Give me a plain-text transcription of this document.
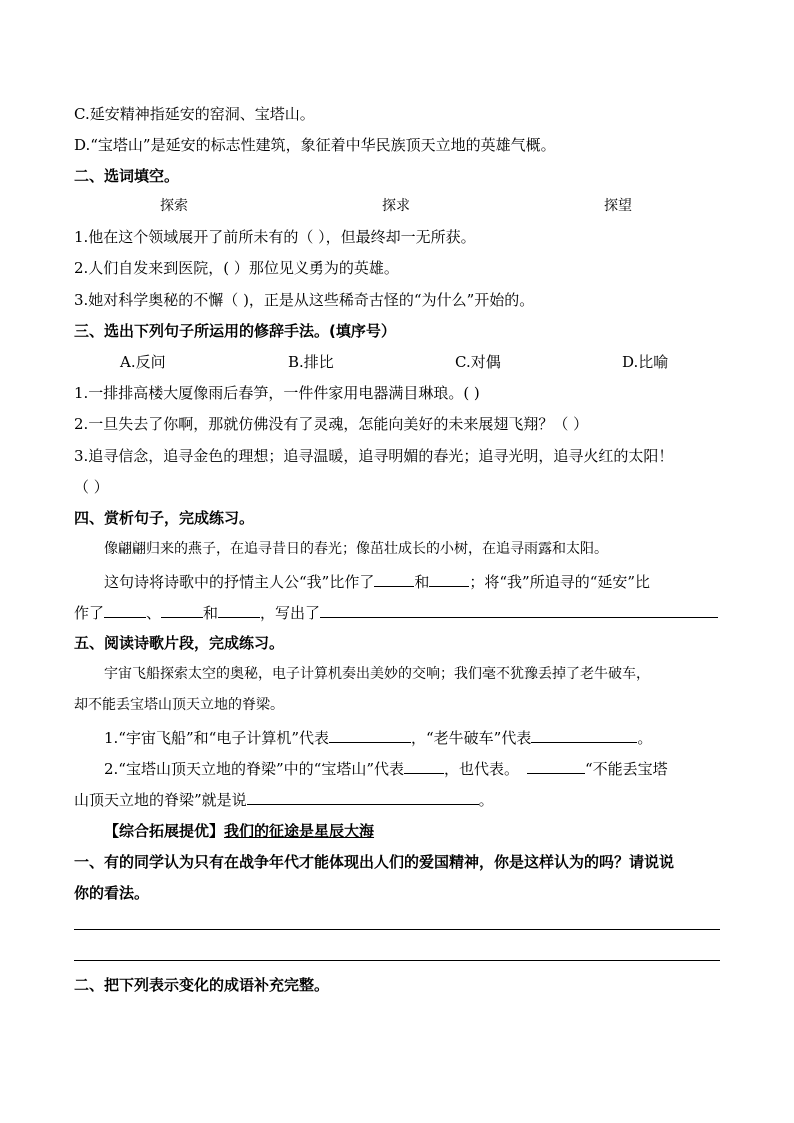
C.延安精神指延安的窑洞、宝塔山。
D.“宝塔山”是延安的标志性建筑，象征着中华民族顶天立地的英雄气概。
二、选词填空。
探索	探求	探望
1.他在这个领域展开了前所未有的（ ），但最终却一无所获。
2.人们自发来到医院，( ）那位见义勇为的英雄。
3.她对科学奥秘的不懈（ )，正是从这些稀奇古怪的“为什么”开始的。
三、选出下列句子所运用的修辞手法。(填序号）
A.反问	B.排比	C.对偶	D.比喻
1.一排排高楼大厦像雨后春笋，一件件家用电器满目琳琅。( )
2.一旦失去了你啊，那就仿佛没有了灵魂，怎能向美好的未来展翅飞翔？（ ）
3.追寻信念，追寻金色的理想；追寻温暖，追寻明媚的春光；追寻光明，追寻火红的太阳！
（ ）
四、赏析句子，完成练习。
像翩翩归来的燕子，在追寻昔日的春光；像茁壮成长的小树，在追寻雨露和太阳。
这句诗将诗歌中的抒情主人公“我”比作了	和	；将“我”所追寻的“延安”比
作了	、	和	，写出了
五、阅读诗歌片段，完成练习。
宇宙飞船探索太空的奥秘，电子计算机奏出美妙的交响；我们毫不犹豫丢掉了老牛破车，
却不能丢宝塔山顶天立地的脊梁。
1.“宇宙飞船”和“电子计算机”代表	，“老牛破车”代表	。
2.“宝塔山顶天立地的脊梁”中的“宝塔山”代表	，也代表。	“不能丢宝塔
山顶天立地的脊梁”就是说	。
【综合拓展提优】我们的征途是星辰大海
一、有的同学认为只有在战争年代才能体现出人们的爱国精神，你是这样认为的吗？请说说
你的看法。
二、把下列表示变化的成语补充完整。
